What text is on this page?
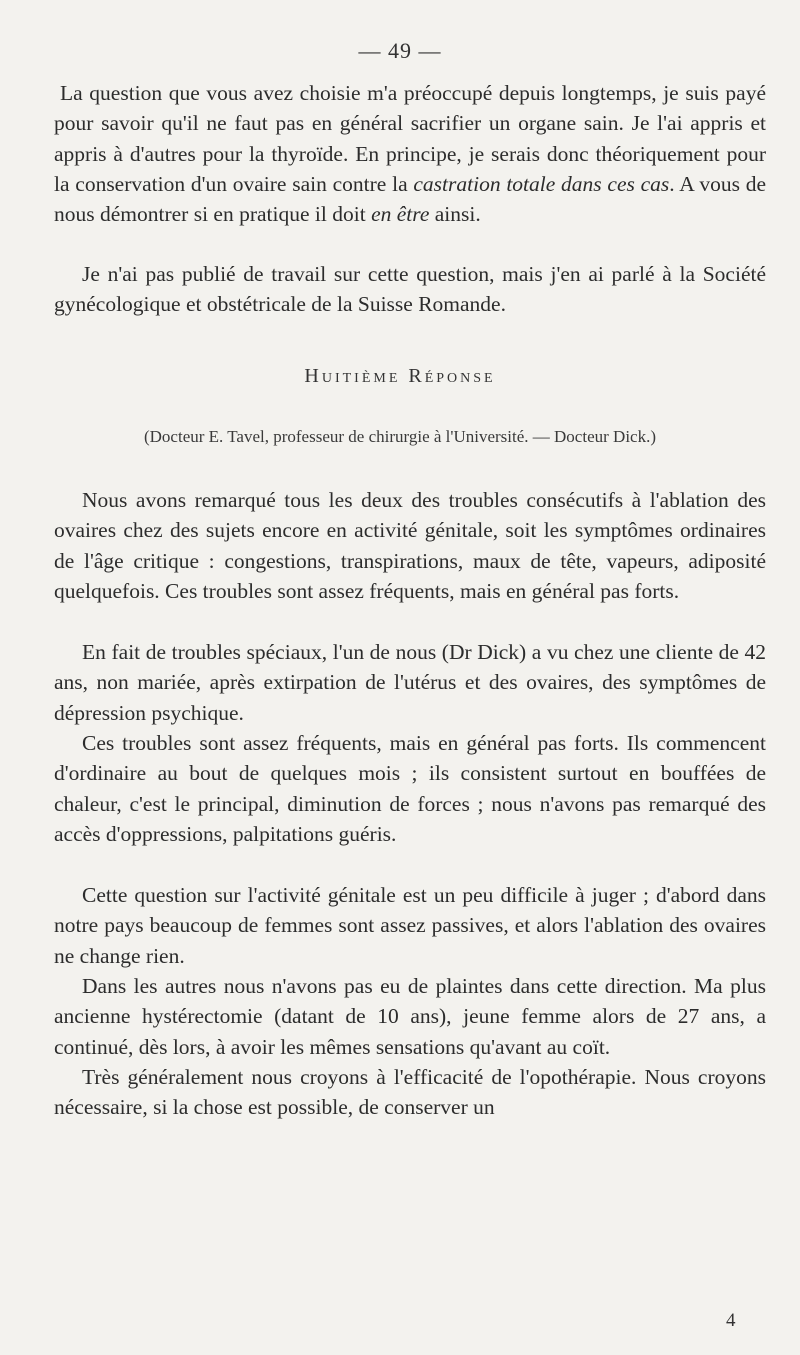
— 49 —

La question que vous avez choisie m'a préoccupé depuis longtemps, je suis payé pour savoir qu'il ne faut pas en général sacrifier un organe sain. Je l'ai appris et appris à d'autres pour la thyroïde. En principe, je serais donc théoriquement pour la conservation d'un ovaire sain contre la castration totale dans ces cas. A vous de nous démontrer si en pratique il doit en être ainsi.

Je n'ai pas publié de travail sur cette question, mais j'en ai parlé à la Société gynécologique et obstétricale de la Suisse Romande.

Huitième Réponse
(Docteur E. Tavel, professeur de chirurgie à l'Université. — Docteur Dick.)

Nous avons remarqué tous les deux des troubles consécutifs à l'ablation des ovaires chez des sujets encore en activité génitale, soit les symptômes ordinaires de l'âge critique : congestions, transpirations, maux de tête, vapeurs, adiposité quelquefois. Ces troubles sont assez fréquents, mais en général pas forts.

En fait de troubles spéciaux, l'un de nous (Dr Dick) a vu chez une cliente de 42 ans, non mariée, après extirpation de l'utérus et des ovaires, des symptômes de dépression psychique.

Ces troubles sont assez fréquents, mais en général pas forts. Ils commencent d'ordinaire au bout de quelques mois ; ils consistent surtout en bouffées de chaleur, c'est le principal, diminution de forces ; nous n'avons pas remarqué des accès d'oppressions, palpitations guéris.

Cette question sur l'activité génitale est un peu difficile à juger ; d'abord dans notre pays beaucoup de femmes sont assez passives, et alors l'ablation des ovaires ne change rien.

Dans les autres nous n'avons pas eu de plaintes dans cette direction. Ma plus ancienne hystérectomie (datant de 10 ans), jeune femme alors de 27 ans, a continué, dès lors, à avoir les mêmes sensations qu'avant au coït.

Très généralement nous croyons à l'efficacité de l'opothérapie. Nous croyons nécessaire, si la chose est possible, de conserver un

4
